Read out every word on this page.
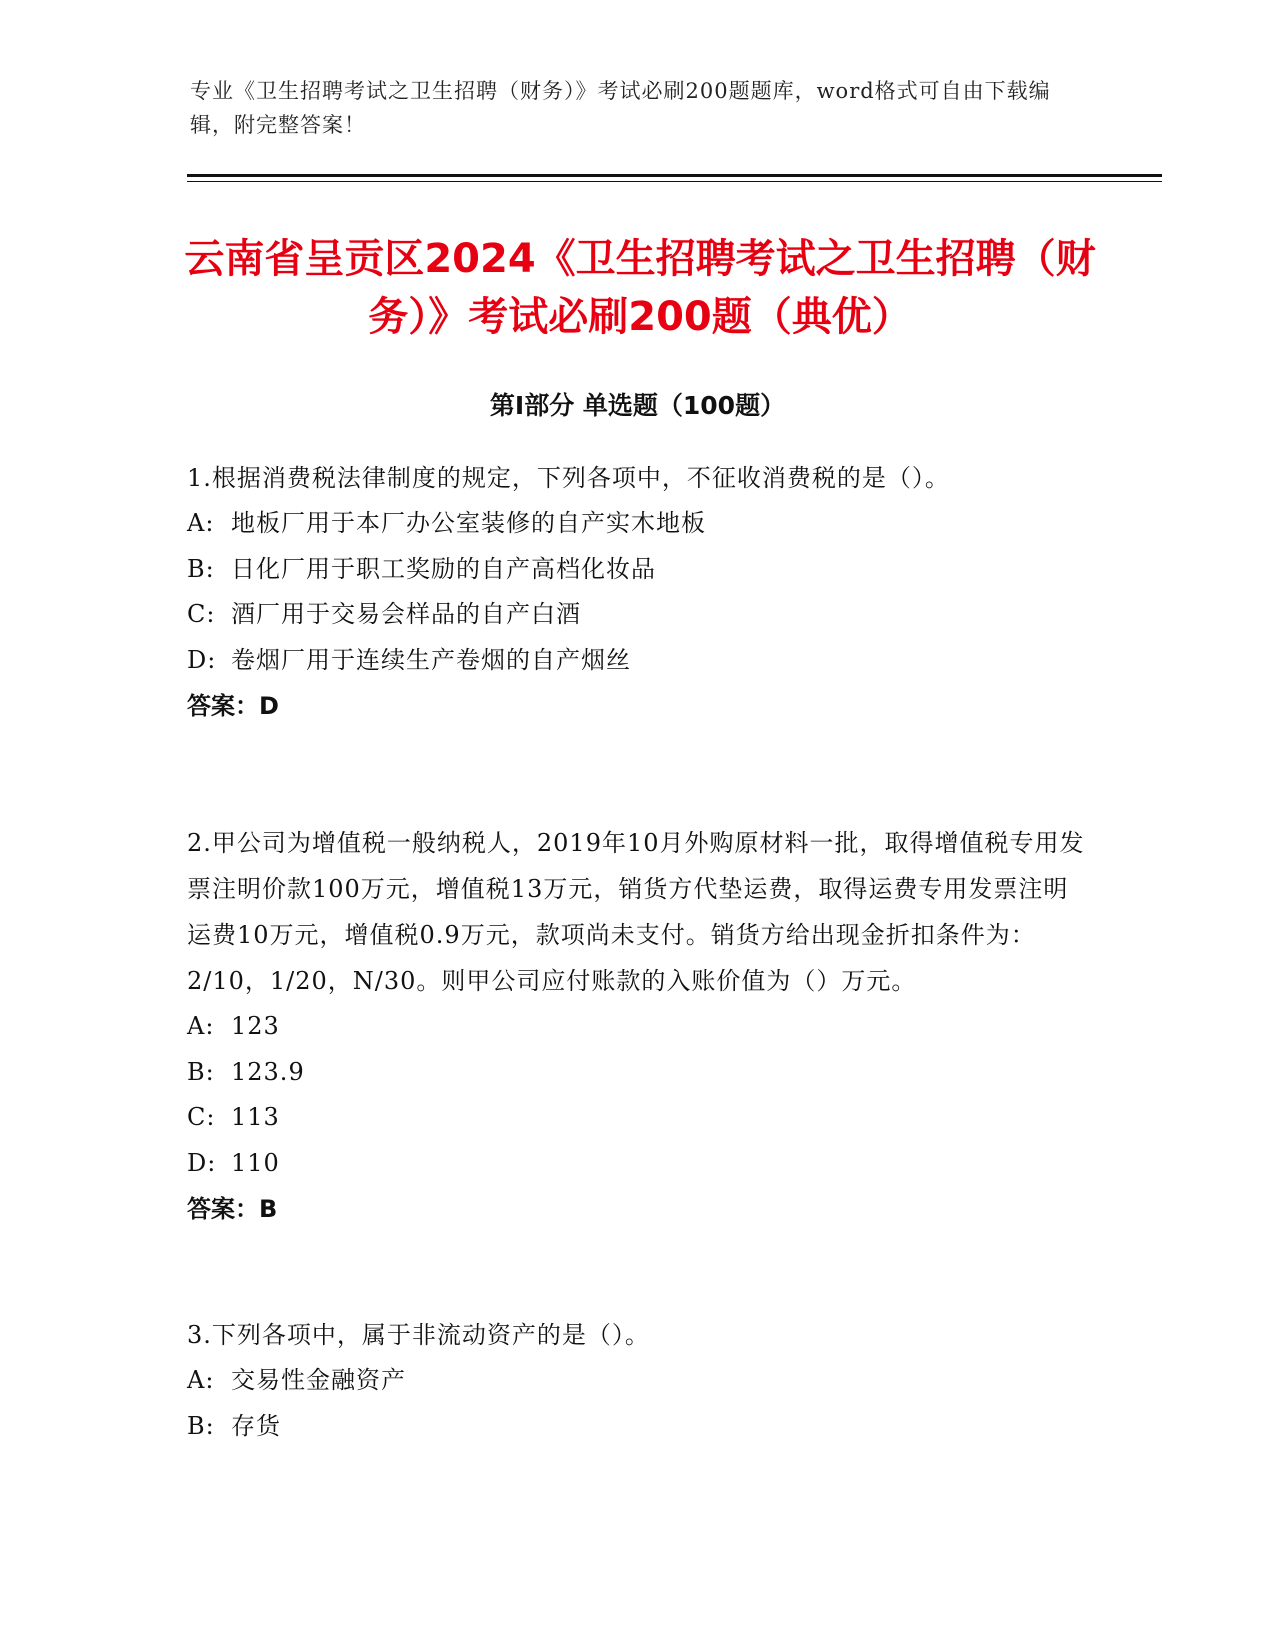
专业《卫生招聘考试之卫生招聘（财务）》考试必刷200题题库，word格式可自由下载编辑，附完整答案！
云南省呈贡区2024《卫生招聘考试之卫生招聘（财务）》考试必刷200题（典优）
第Ⅰ部分 单选题（100题）
1.根据消费税法律制度的规定，下列各项中，不征收消费税的是（）。
A: 地板厂用于本厂办公室装修的自产实木地板
B: 日化厂用于职工奖励的自产高档化妆品
C: 酒厂用于交易会样品的自产白酒
D: 卷烟厂用于连续生产卷烟的自产烟丝
答案：D
2.甲公司为增值税一般纳税人，2019年10月外购原材料一批，取得增值税专用发票注明价款100万元，增值税13万元，销货方代垫运费，取得运费专用发票注明运费10万元，增值税0.9万元，款项尚未支付。销货方给出现金折扣条件为：2/10，1/20，N/30。则甲公司应付账款的入账价值为（）万元。
A: 123
B: 123.9
C: 113
D: 110
答案：B
3.下列各项中，属于非流动资产的是（）。
A: 交易性金融资产
B: 存货
